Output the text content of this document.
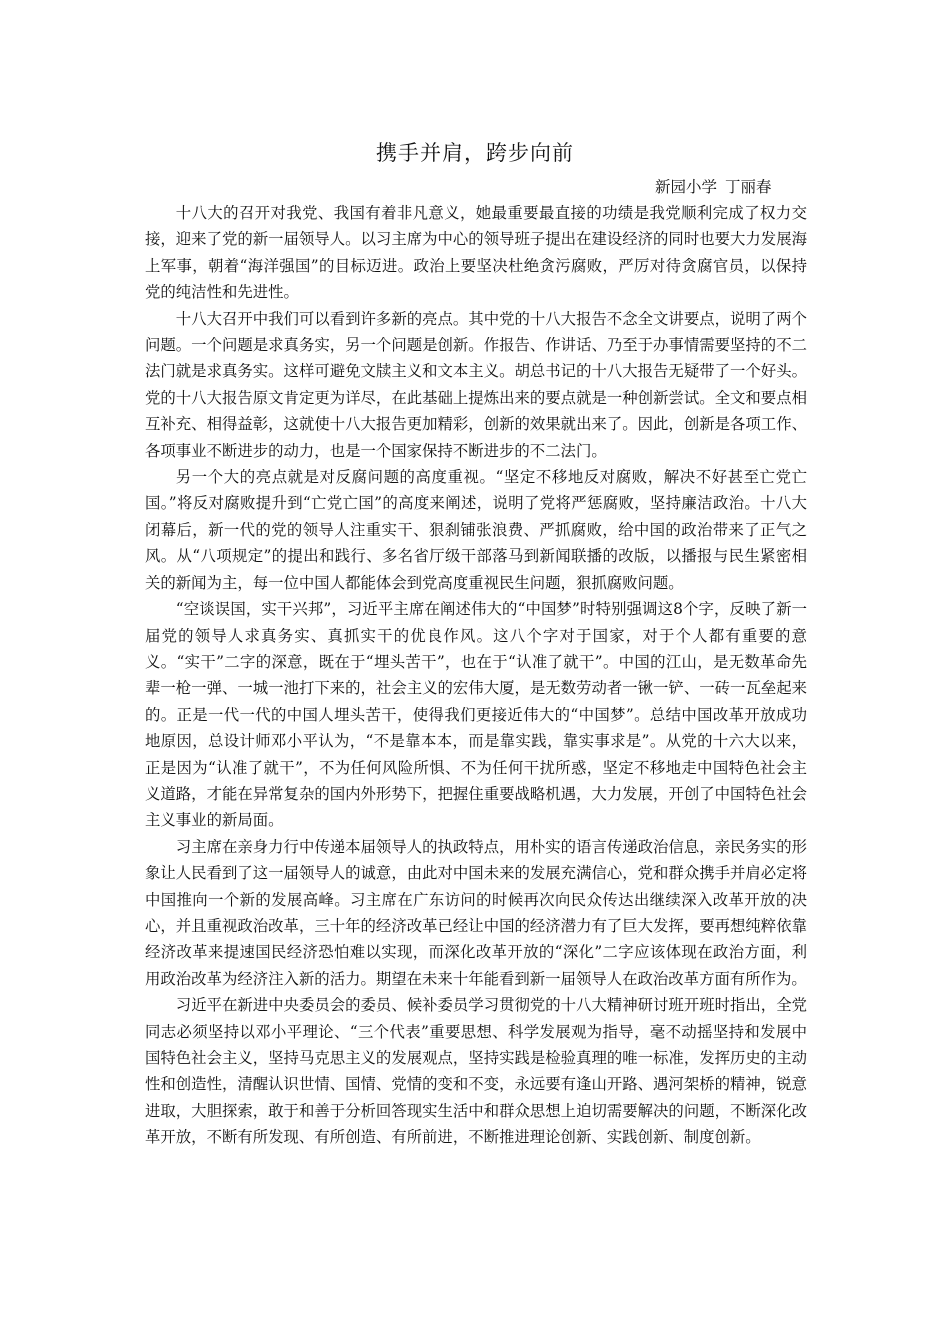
携手并肩，跨步向前
新园小学 丁丽春

十八大的召开对我党、我国有着非凡意义，她最重要最直接的功绩是我党顺利完成了权力交接，迎来了党的新一届领导人。以习主席为中心的领导班子提出在建设经济的同时也要大力发展海上军事，朝着“海洋强国”的目标迈进。政治上要坚决杜绝贪污腐败，严厉对待贪腐官员，以保持党的纯洁性和先进性。

十八大召开中我们可以看到许多新的亮点。其中党的十八大报告不念全文讲要点，说明了两个问题。一个问题是求真务实，另一个问题是创新。作报告、作讲话、乃至于办事情需要坚持的不二法门就是求真务实。这样可避免文牍主义和文本主义。胡总书记的十八大报告无疑带了一个好头。党的十八大报告原文肯定更为详尽，在此基础上提炼出来的要点就是一种创新尝试。全文和要点相互补充、相得益彰，这就使十八大报告更加精彩，创新的效果就出来了。因此，创新是各项工作、各项事业不断进步的动力，也是一个国家保持不断进步的不二法门。

另一个大的亮点就是对反腐问题的高度重视。“坚定不移地反对腐败，解决不好甚至亡党亡国。”将反对腐败提升到“亡党亡国”的高度来阐述，说明了党将严惩腐败，坚持廉洁政治。十八大闭幕后，新一代的党的领导人注重实干、狠刹铺张浪费、严抓腐败，给中国的政治带来了正气之风。从“八项规定”的提出和践行、多名省厅级干部落马到新闻联播的改版，以播报与民生紧密相关的新闻为主，每一位中国人都能体会到党高度重视民生问题，狠抓腐败问题。

“空谈误国，实干兴邦”，习近平主席在阐述伟大的“中国梦”时特别强调这8个字，反映了新一届党的领导人求真务实、真抓实干的优良作风。这八个字对于国家，对于个人都有重要的意义。“实干”二字的深意，既在于“埋头苦干”，也在于“认准了就干”。中国的江山，是无数革命先辈一枪一弹、一城一池打下来的，社会主义的宏伟大厦，是无数劳动者一锹一铲、一砖一瓦垒起来的。正是一代一代的中国人埋头苦干，使得我们更接近伟大的“中国梦”。总结中国改革开放成功地原因，总设计师邓小平认为，“不是靠本本，而是靠实践，靠实事求是”。从党的十六大以来，正是因为“认准了就干”，不为任何风险所惧、不为任何干扰所惑，坚定不移地走中国特色社会主义道路，才能在异常复杂的国内外形势下，把握住重要战略机遇，大力发展，开创了中国特色社会主义事业的新局面。

习主席在亲身力行中传递本届领导人的执政特点，用朴实的语言传递政治信息，亲民务实的形象让人民看到了这一届领导人的诚意，由此对中国未来的发展充满信心，党和群众携手并肩必定将中国推向一个新的发展高峰。习主席在广东访问的时候再次向民众传达出继续深入改革开放的决心，并且重视政治改革，三十年的经济改革已经让中国的经济潜力有了巨大发挥，要再想纯粹依靠经济改革来提速国民经济恐怕难以实现，而深化改革开放的“深化”二字应该体现在政治方面，利用政治改革为经济注入新的活力。期望在未来十年能看到新一届领导人在政治改革方面有所作为。

习近平在新进中央委员会的委员、候补委员学习贯彻党的十八大精神研讨班开班时指出，全党同志必须坚持以邓小平理论、“三个代表”重要思想、科学发展观为指导，毫不动摇坚持和发展中国特色社会主义，坚持马克思主义的发展观点，坚持实践是检验真理的唯一标准，发挥历史的主动性和创造性，清醒认识世情、国情、党情的变和不变，永远要有逢山开路、遇河架桥的精神，锐意进取，大胆探索，敢于和善于分析回答现实生活中和群众思想上迫切需要解决的问题，不断深化改革开放，不断有所发现、有所创造、有所前进，不断推进理论创新、实践创新、制度创新。
